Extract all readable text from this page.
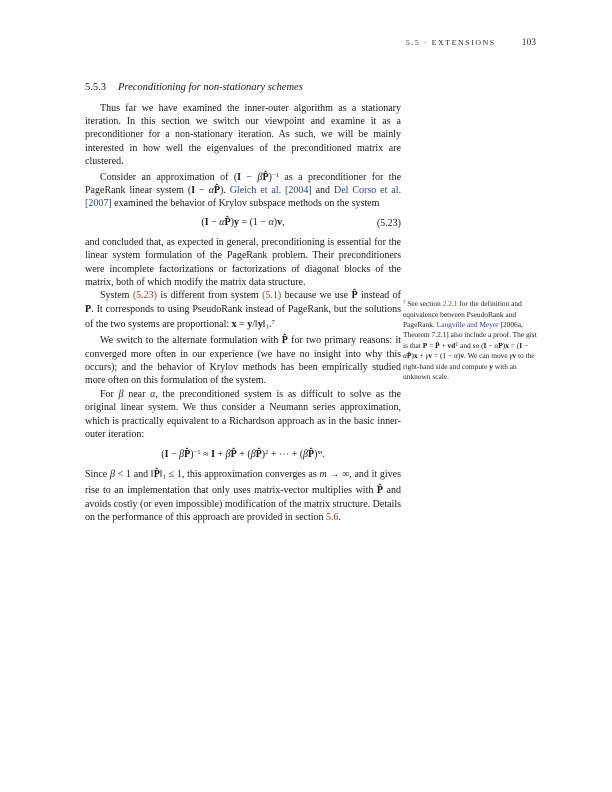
5.5 · EXTENSIONS	103
5.5.3 Preconditioning for non-stationary schemes

Thus far we have examined the inner-outer algorithm as a stationary iteration. In this section we switch our viewpoint and examine it as a preconditioner for a non-stationary iteration. As such, we will be mainly interested in how well the eigenvalues of the preconditioned matrix are clustered.

Consider an approximation of (I − βP̂)$^{-1}$ as a preconditioner for the PageRank linear system (I − αP̂). Gleich et al. [2004] and Del Corso et al. [2007] examined the behavior of Krylov subspace methods on the system

(I − αP̂)y = (1 − α)v,	(5.23)

and concluded that, as expected in general, preconditioning is essential for the linear system formulation of the PageRank problem. Their preconditioners were incomplete factorizations or factorizations of diagonal blocks of the matrix, both of which modify the matrix data structure.

System (5.23) is different from system (5.1) because we use P̂ instead of P. It corresponds to using PseudoRank instead of PageRank, but the solutions of the two systems are proportional: $x = y/‖y‖_1.^7$

We switch to the alternate formulation with P̂ for two primary reasons: it converged more often in our experience (we have no insight into why this occurs); and the behavior of Krylov methods has been empirically studied more often on this formulation of the system.

For β near α, the preconditioned system is as difficult to solve as the original linear system. We thus consider a Neumann series approximation, which is practically equivalent to a Richardson approach as in the basic inner-outer iteration:

(I − βP̂)$^{-1}$ ≈ I + βP̂ + (βP̂)$^2$ + ⋯ + (βP̂)$^m$.

Since β < 1 and $‖P̂‖_1 \le 1$, this approximation converges as m → ∞, and it gives rise to an implementation that only uses matrix-vector multiplies with P̂ and avoids costly (or even impossible) modification of the matrix structure. Details on the performance of this approach are provided in section 5.6.

$^7$ See section 2.2.1 for the definition and equivalence between PseudoRank and PageRank. Langville and Meyer [2006a, Theorem 7.2.1] also include a proof. The gist is that P = P̂ + $vd^T$ and so (I − αP)x = (I − αP̂)x + γv = (1 − α)v. We can move γv to the right-hand side and compute y with an unknown scale.
